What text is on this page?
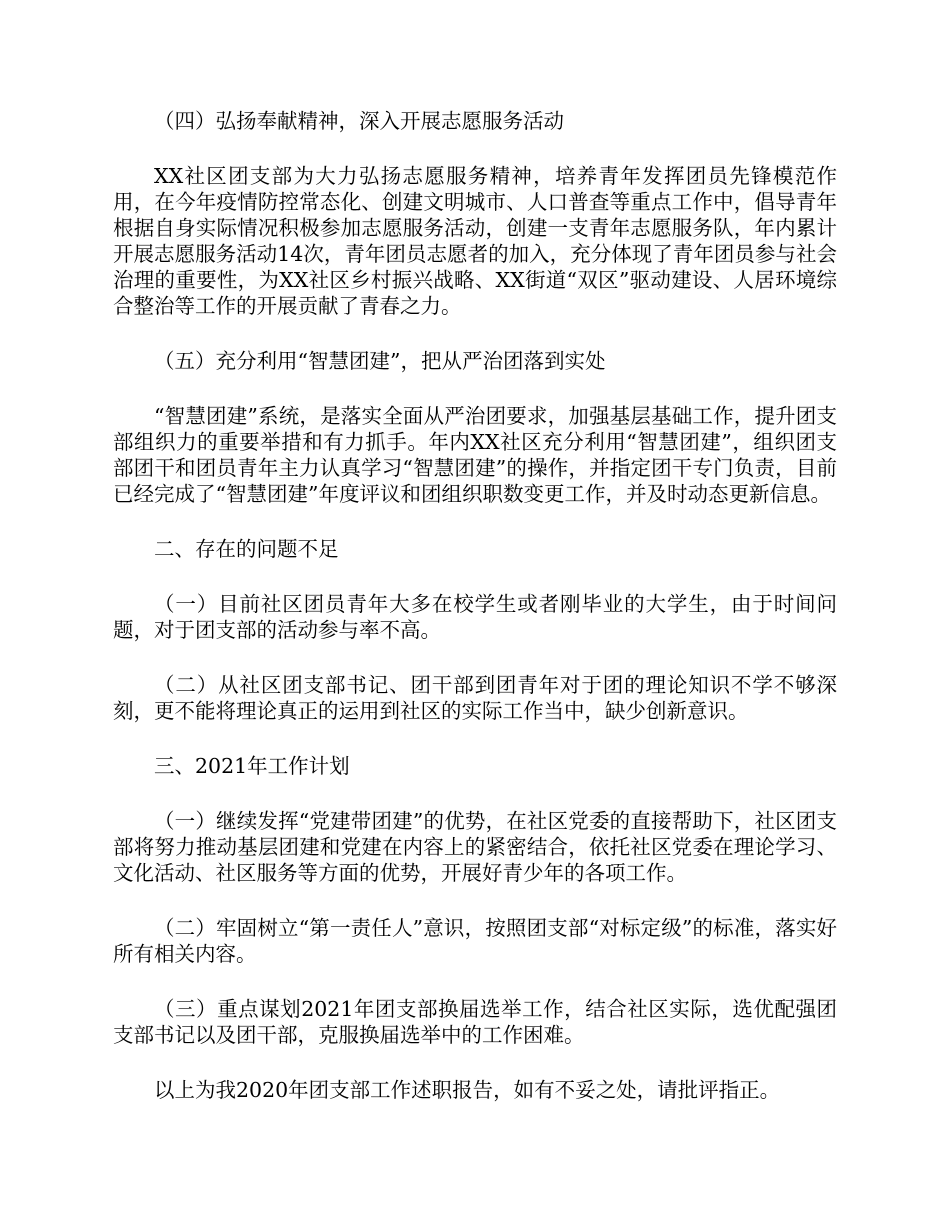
（四）弘扬奉献精神，深入开展志愿服务活动

XX社区团支部为大力弘扬志愿服务精神，培养青年发挥团员先锋模范作用，在今年疫情防控常态化、创建文明城市、人口普查等重点工作中，倡导青年根据自身实际情况积极参加志愿服务活动，创建一支青年志愿服务队，年内累计开展志愿服务活动14次，青年团员志愿者的加入，充分体现了青年团员参与社会治理的重要性，为XX社区乡村振兴战略、XX街道“双区”驱动建设、人居环境综合整治等工作的开展贡献了青春之力。

（五）充分利用“智慧团建”，把从严治团落到实处

“智慧团建”系统，是落实全面从严治团要求，加强基层基础工作，提升团支部组织力的重要举措和有力抓手。年内XX社区充分利用“智慧团建”，组织团支部团干和团员青年主力认真学习“智慧团建”的操作，并指定团干专门负责，目前已经完成了“智慧团建”年度评议和团组织职数变更工作，并及时动态更新信息。

二、存在的问题不足

（一）目前社区团员青年大多在校学生或者刚毕业的大学生，由于时间问题，对于团支部的活动参与率不高。

（二）从社区团支部书记、团干部到团青年对于团的理论知识不学不够深刻，更不能将理论真正的运用到社区的实际工作当中，缺少创新意识。

三、2021年工作计划

（一）继续发挥“党建带团建”的优势，在社区党委的直接帮助下，社区团支部将努力推动基层团建和党建在内容上的紧密结合，依托社区党委在理论学习、文化活动、社区服务等方面的优势，开展好青少年的各项工作。

（二）牢固树立“第一责任人”意识，按照团支部“对标定级”的标准，落实好所有相关内容。

（三）重点谋划2021年团支部换届选举工作，结合社区实际，选优配强团支部书记以及团干部，克服换届选举中的工作困难。

以上为我2020年团支部工作述职报告，如有不妥之处，请批评指正。
